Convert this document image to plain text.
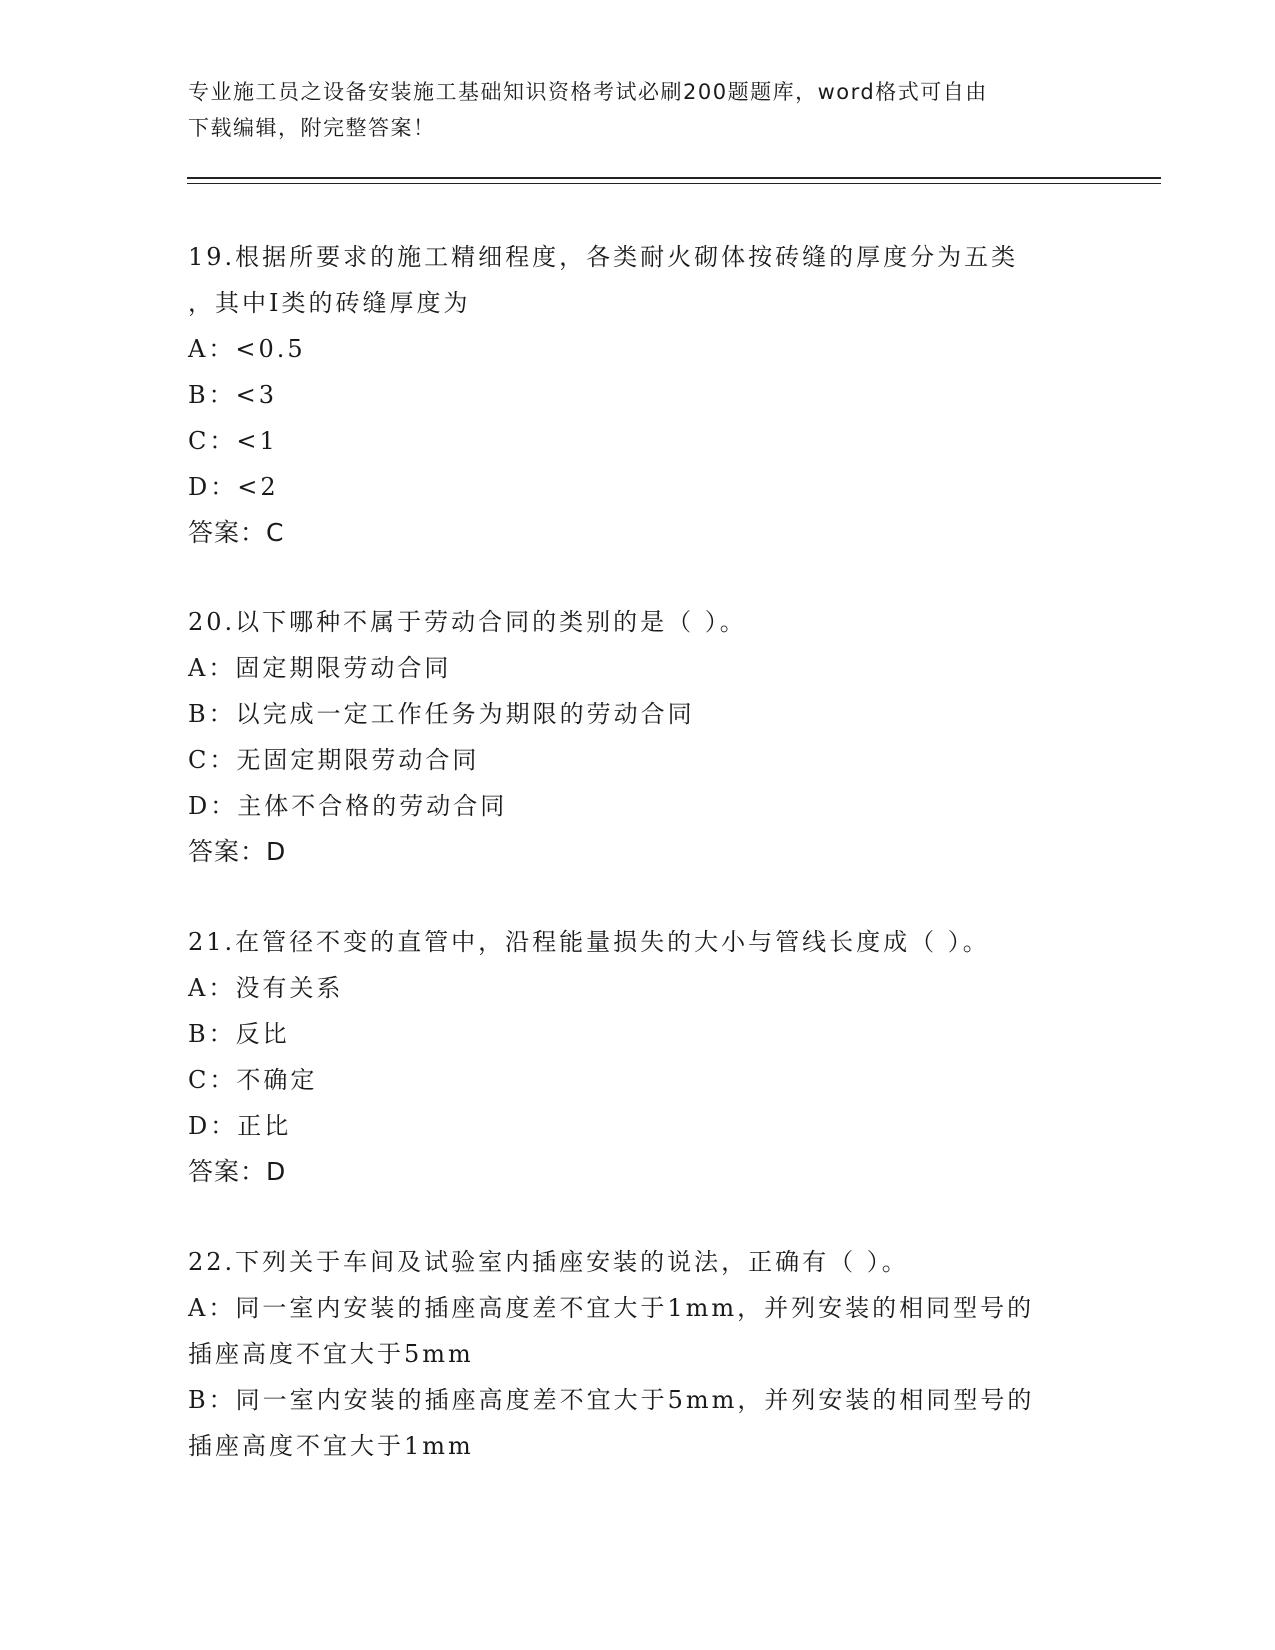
专业施工员之设备安装施工基础知识资格考试必刷200题题库，word格式可自由
下载编辑，附完整答案！
19.根据所要求的施工精细程度，各类耐火砌体按砖缝的厚度分为五类
，其中Ⅰ类的砖缝厚度为
A：<0.5
B：<3
C：<1
D：<2
答案：C
20.以下哪种不属于劳动合同的类别的是（ ）。
A：固定期限劳动合同
B：以完成一定工作任务为期限的劳动合同
C：无固定期限劳动合同
D：主体不合格的劳动合同
答案：D
21.在管径不变的直管中，沿程能量损失的大小与管线长度成（ ）。
A：没有关系
B：反比
C：不确定
D：正比
答案：D
22.下列关于车间及试验室内插座安装的说法，正确有（ ）。
A：同一室内安装的插座高度差不宜大于1mm，并列安装的相同型号的
插座高度不宜大于5mm
B：同一室内安装的插座高度差不宜大于5mm，并列安装的相同型号的
插座高度不宜大于1mm
